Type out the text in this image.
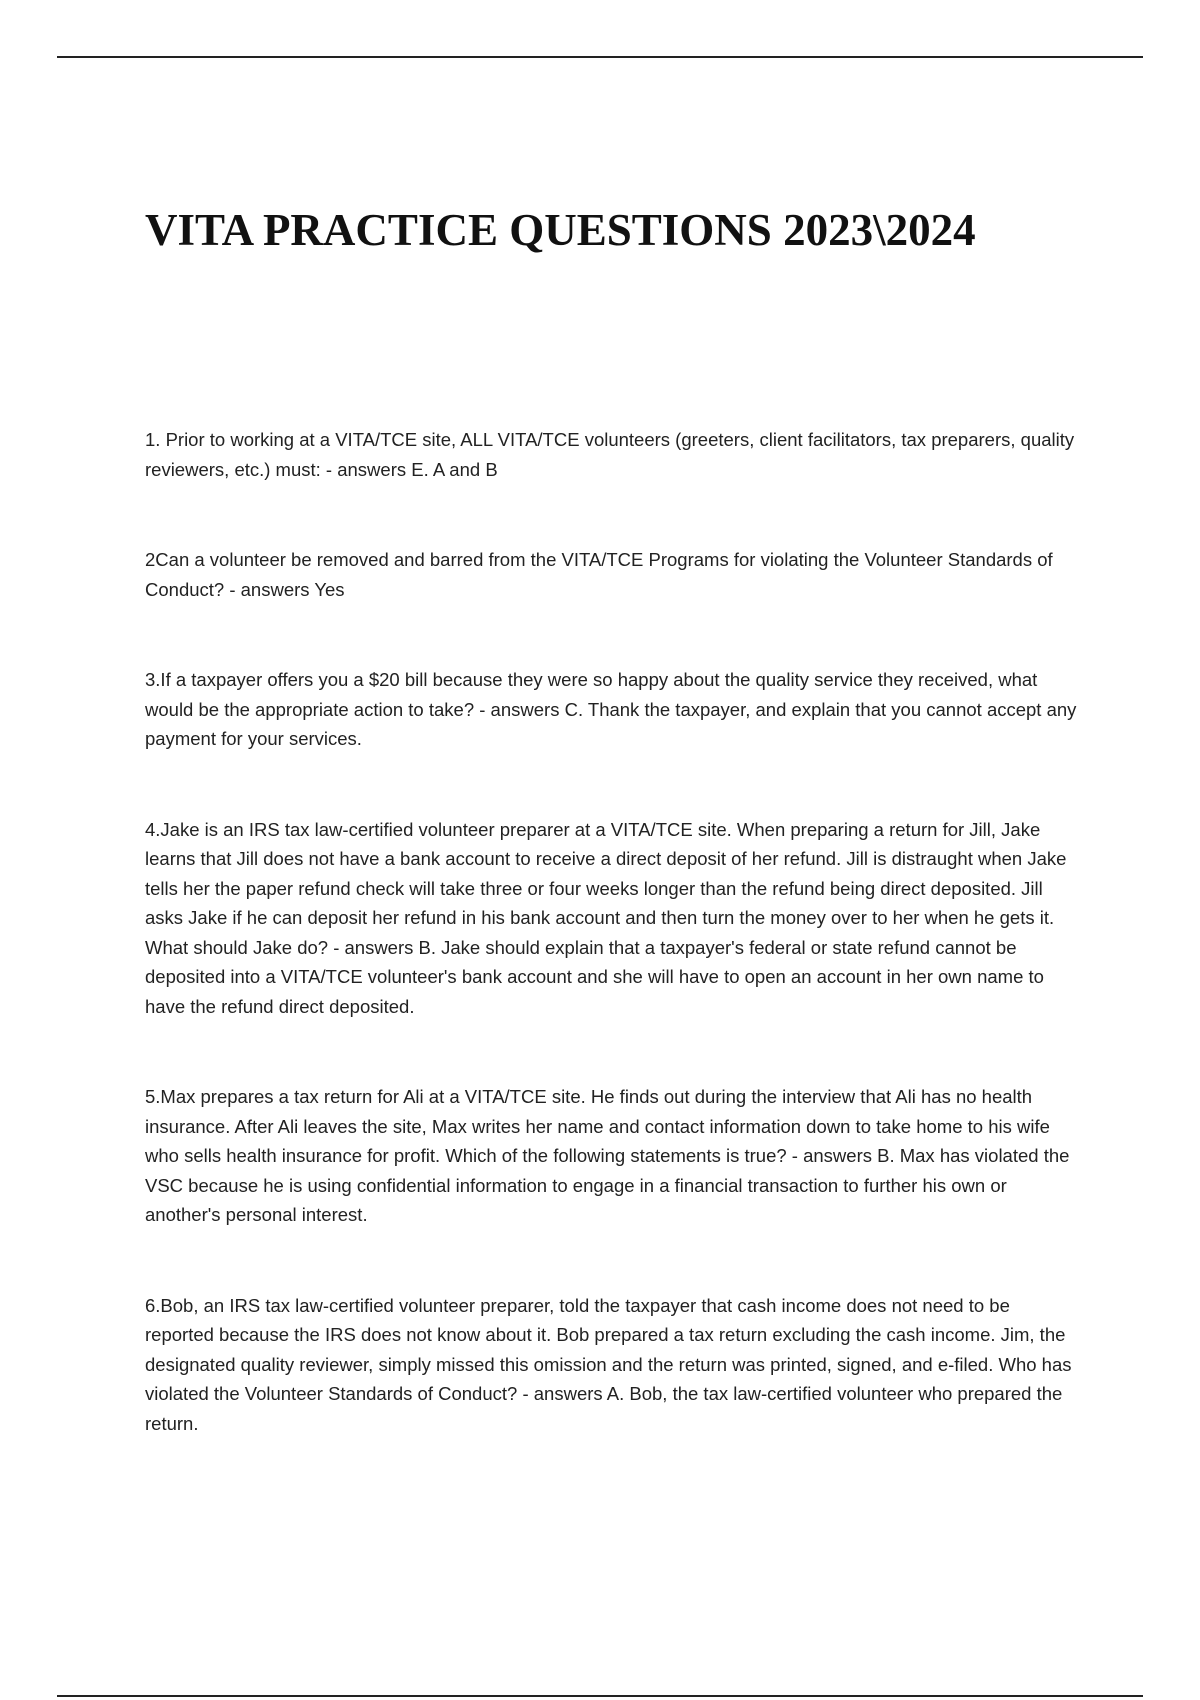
VITA PRACTICE QUESTIONS 2023\2024

1. Prior to working at a VITA/TCE site, ALL VITA/TCE volunteers (greeters, client facilitators, tax preparers, quality reviewers, etc.) must: - answers E. A and B

2Can a volunteer be removed and barred from the VITA/TCE Programs for violating the Volunteer Standards of Conduct? - answers Yes

3.If a taxpayer offers you a $20 bill because they were so happy about the quality service they received, what would be the appropriate action to take? - answers C. Thank the taxpayer, and explain that you cannot accept any payment for your services.

4.Jake is an IRS tax law-certified volunteer preparer at a VITA/TCE site. When preparing a return for Jill, Jake learns that Jill does not have a bank account to receive a direct deposit of her refund. Jill is distraught when Jake tells her the paper refund check will take three or four weeks longer than the refund being direct deposited. Jill asks Jake if he can deposit her refund in his bank account and then turn the money over to her when he gets it. What should Jake do? - answers B. Jake should explain that a taxpayer's federal or state refund cannot be deposited into a VITA/TCE volunteer's bank account and she will have to open an account in her own name to have the refund direct deposited.

5.Max prepares a tax return for Ali at a VITA/TCE site. He finds out during the interview that Ali has no health insurance. After Ali leaves the site, Max writes her name and contact information down to take home to his wife who sells health insurance for profit. Which of the following statements is true? - answers B. Max has violated the VSC because he is using confidential information to engage in a financial transaction to further his own or another's personal interest.

6.Bob, an IRS tax law-certified volunteer preparer, told the taxpayer that cash income does not need to be reported because the IRS does not know about it. Bob prepared a tax return excluding the cash income. Jim, the designated quality reviewer, simply missed this omission and the return was printed, signed, and e-filed. Who has violated the Volunteer Standards of Conduct? - answers A. Bob, the tax law-certified volunteer who prepared the return.
